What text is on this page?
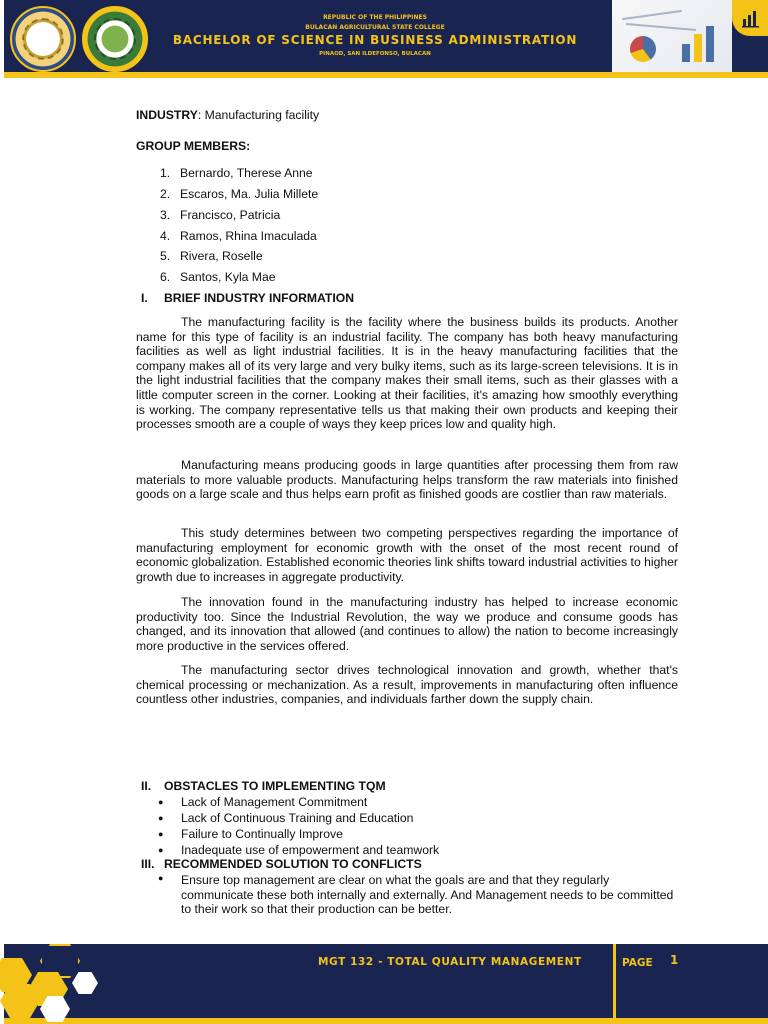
REPUBLIC OF THE PHILIPPINES
BULACAN AGRICULTURAL STATE COLLEGE
BACHELOR OF SCIENCE IN BUSINESS ADMINISTRATION
PINAOD, SAN ILDEFONSO, BULACAN
INDUSTRY: Manufacturing facility
GROUP MEMBERS:
1. Bernardo, Therese Anne
2. Escaros, Ma. Julia Millete
3. Francisco, Patricia
4. Ramos, Rhina Imaculada
5. Rivera, Roselle
6. Santos, Kyla Mae
I. BRIEF INDUSTRY INFORMATION

The manufacturing facility is the facility where the business builds its products. Another name for this type of facility is an industrial facility. The company has both heavy manufacturing facilities as well as light industrial facilities. It is in the heavy manufacturing facilities that the company makes all of its very large and very bulky items, such as its large-screen televisions. It is in the light industrial facilities that the company makes their small items, such as their glasses with a little computer screen in the corner. Looking at their facilities, it's amazing how smoothly everything is working. The company representative tells us that making their own products and keeping their processes smooth are a couple of ways they keep prices low and quality high.

Manufacturing means producing goods in large quantities after processing them from raw materials to more valuable products. Manufacturing helps transform the raw materials into finished goods on a large scale and thus helps earn profit as finished goods are costlier than raw materials.

This study determines between two competing perspectives regarding the importance of manufacturing employment for economic growth with the onset of the most recent round of economic globalization. Established economic theories link shifts toward industrial activities to higher growth due to increases in aggregate productivity.

The innovation found in the manufacturing industry has helped to increase economic productivity too. Since the Industrial Revolution, the way we produce and consume goods has changed, and its innovation that allowed (and continues to allow) the nation to become increasingly more productive in the services offered.

The manufacturing sector drives technological innovation and growth, whether that's chemical processing or mechanization. As a result, improvements in manufacturing often influence countless other industries, companies, and individuals farther down the supply chain.

II. OBSTACLES TO IMPLEMENTING TQM
● Lack of Management Commitment
● Lack of Continuous Training and Education
● Failure to Continually Improve
● Inadequate use of empowerment and teamwork
III. RECOMMENDED SOLUTION TO CONFLICTS
●	Ensure top management are clear on what the goals are and that they regularly communicate these both internally and externally. And Management needs to be committed to their work so that their production can be better.
MGT 132 - TOTAL QUALITY MANAGEMENT	PAGE 1
